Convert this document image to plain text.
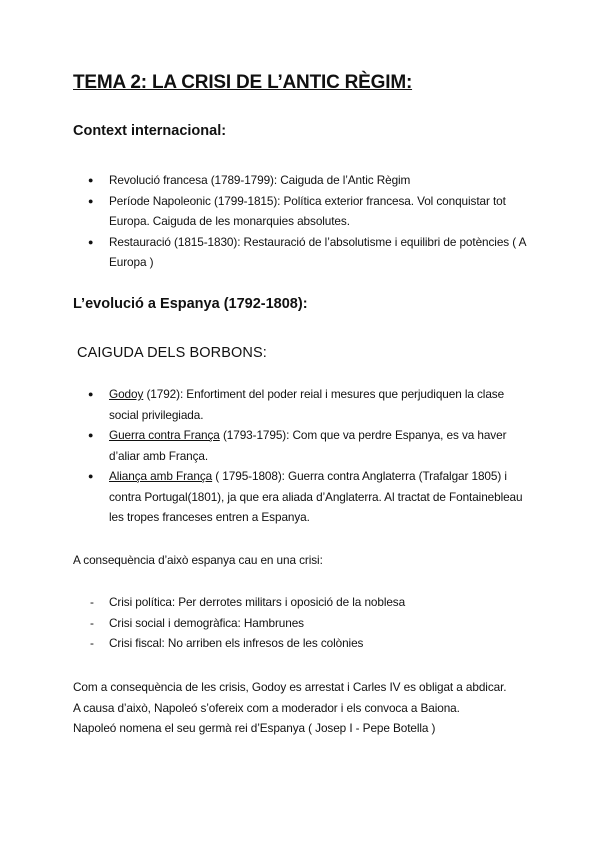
TEMA 2: LA CRISI DE L’ANTIC RÈGIM:
Context internacional:
●	Revolució francesa (1789-1799): Caiguda de l’Antic Règim
●	Període Napoleonic (1799-1815): Política exterior francesa. Vol conquistar tot Europa. Caiguda de les monarquies absolutes.
●	Restauració (1815-1830): Restauració de l’absolutisme i equilibri de potències ( A Europa )
L’evolució a Espanya (1792-1808):
CAIGUDA DELS BORBONS:
●	Godoy (1792): Enfortiment del poder reial i mesures que perjudiquen la clase social privilegiada.
●	Guerra contra França (1793-1795): Com que va perdre Espanya, es va haver d’aliar amb França.
●	Aliança amb França ( 1795-1808): Guerra contra Anglaterra (Trafalgar 1805) i contra Portugal(1801), ja que era aliada d’Anglaterra. Al tractat de Fontainebleau les tropes franceses entren a Espanya.

A consequència d’això espanya cau en una crisi:

-	Crisi política: Per derrotes militars i oposició de la noblesa
-	Crisi social i demogràfica: Hambrunes
-	Crisi fiscal: No arriben els infresos de les colònies

Com a consequència de les crisis, Godoy es arrestat i Carles IV es obligat a abdicar.
A causa d’això, Napoleó s’ofereix com a moderador i els convoca a Baiona.
Napoleó nomena el seu germà rei d’Espanya ( Josep I - Pepe Botella )
